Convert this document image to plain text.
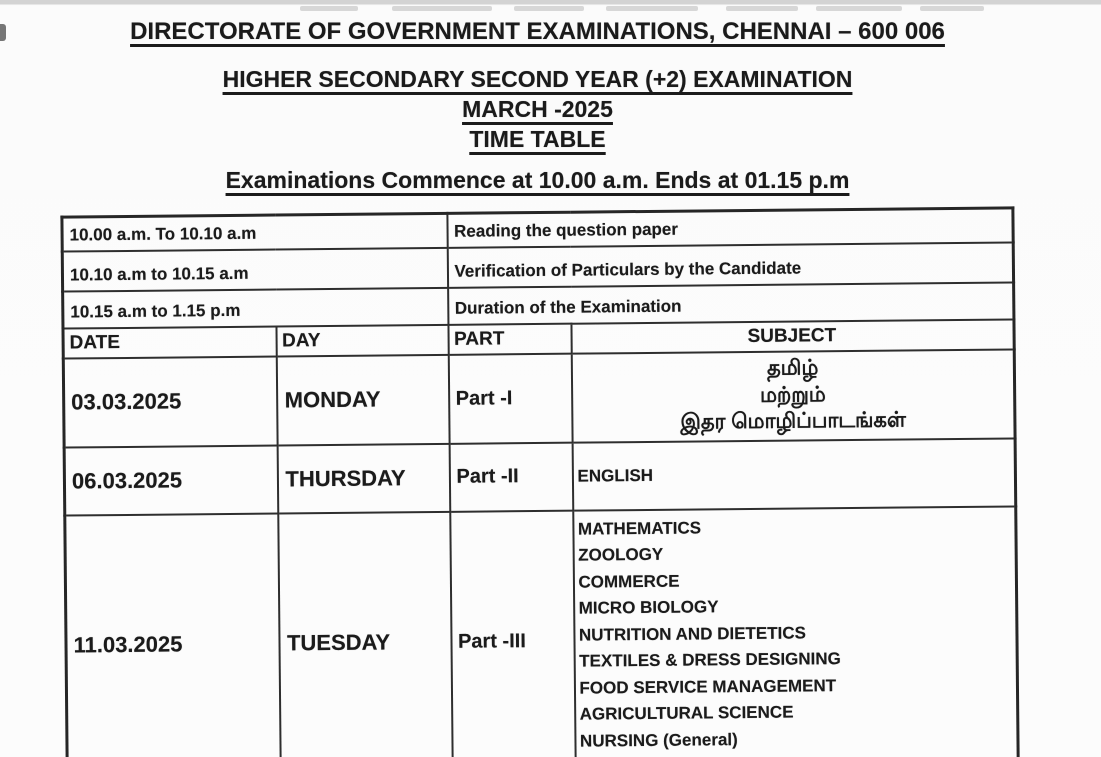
DIRECTORATE OF GOVERNMENT EXAMINATIONS, CHENNAI – 600 006
HIGHER SECONDARY SECOND YEAR (+2) EXAMINATION
MARCH -2025
TIME TABLE
Examinations Commence at 10.00 a.m. Ends at 01.15 p.m
10.00 a.m. To 10.10 a.m		Reading the question paper	
10.10 a.m to 10.15 a.m		Verification of Particulars by the Candidate	
10.15 a.m to 1.15 p.m		Duration of the Examination	
DATE	DAY	PART	SUBJECT
03.03.2025	MONDAY	Part -I	தமிழ்
மற்றும்
இதர மொழிப்பாடங்கள்

06.03.2025	THURSDAY	Part -II	ENGLISH
11.03.2025	TUESDAY	Part -III	
MATHEMATICS
ZOOLOGY
COMMERCE
MICRO BIOLOGY
NUTRITION AND DIETETICS
TEXTILES & DRESS DESIGNING
FOOD SERVICE MANAGEMENT
AGRICULTURAL SCIENCE
NURSING (General)
